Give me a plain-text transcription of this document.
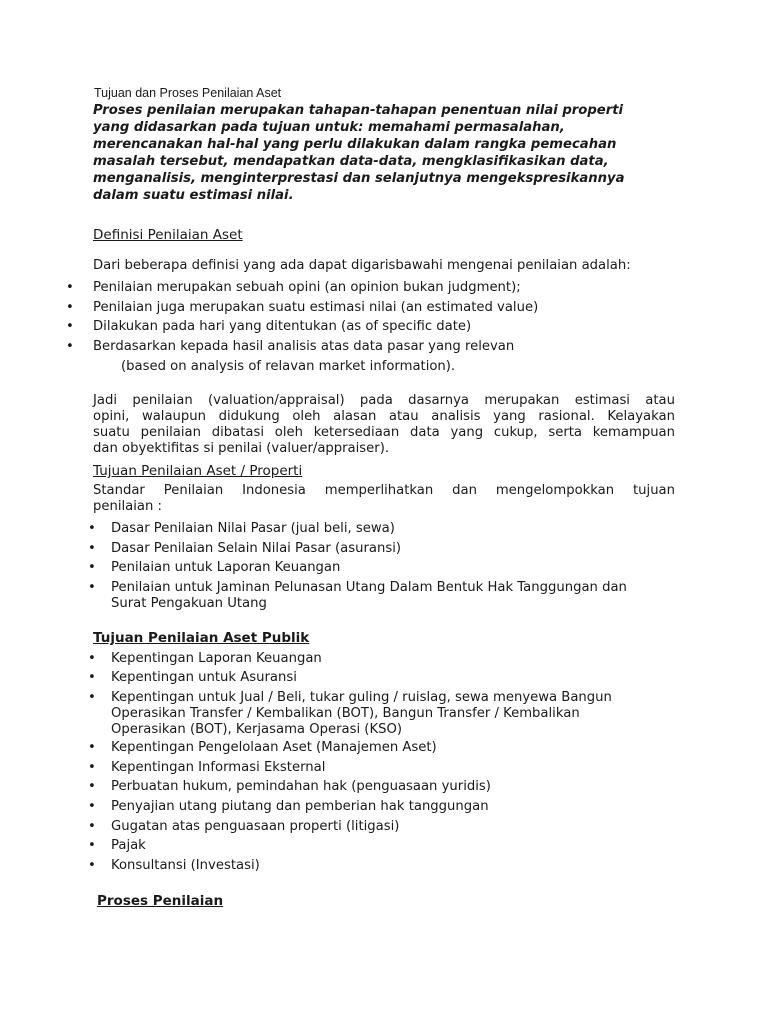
Tujuan dan Proses Penilaian Aset
Proses penilaian merupakan tahapan-tahapan penentuan nilai properti
yang didasarkan pada tujuan untuk: memahami permasalahan,
merencanakan hal-hal yang perlu dilakukan dalam rangka pemecahan
masalah tersebut, mendapatkan data-data, mengklasifikasikan data,
menganalisis, menginterprestasi dan selanjutnya mengekspresikannya
dalam suatu estimasi nilai.
Definisi Penilaian Aset
Dari beberapa definisi yang ada dapat digarisbawahi mengenai penilaian adalah:
• Penilaian merupakan sebuah opini (an opinion bukan judgment);
• Penilaian juga merupakan suatu estimasi nilai (an estimated value)
• Dilakukan pada hari yang ditentukan (as of specific date)
• Berdasarkan kepada hasil analisis atas data pasar yang relevan
(based on analysis of relavan market information).
Jadi penilaian (valuation/appraisal) pada dasarnya merupakan estimasi atau
opini, walaupun didukung oleh alasan atau analisis yang rasional. Kelayakan
suatu penilaian dibatasi oleh ketersediaan data yang cukup, serta kemampuan
dan obyektifitas si penilai (valuer/appraiser).
Tujuan Penilaian Aset / Properti
Standar Penilaian Indonesia memperlihatkan dan mengelompokkan tujuan
penilaian :
• Dasar Penilaian Nilai Pasar (jual beli, sewa)
• Dasar Penilaian Selain Nilai Pasar (asuransi)
• Penilaian untuk Laporan Keuangan
• Penilaian untuk Jaminan Pelunasan Utang Dalam Bentuk Hak Tanggungan dan
Surat Pengakuan Utang
Tujuan Penilaian Aset Publik
• Kepentingan Laporan Keuangan
• Kepentingan untuk Asuransi
• Kepentingan untuk Jual / Beli, tukar guling / ruislag, sewa menyewa Bangun
Operasikan Transfer / Kembalikan (BOT), Bangun Transfer / Kembalikan
Operasikan (BOT), Kerjasama Operasi (KSO)
• Kepentingan Pengelolaan Aset (Manajemen Aset)
• Kepentingan Informasi Eksternal
• Perbuatan hukum, pemindahan hak (penguasaan yuridis)
• Penyajian utang piutang dan pemberian hak tanggungan
• Gugatan atas penguasaan properti (litigasi)
• Pajak
• Konsultansi (Investasi)
Proses Penilaian
